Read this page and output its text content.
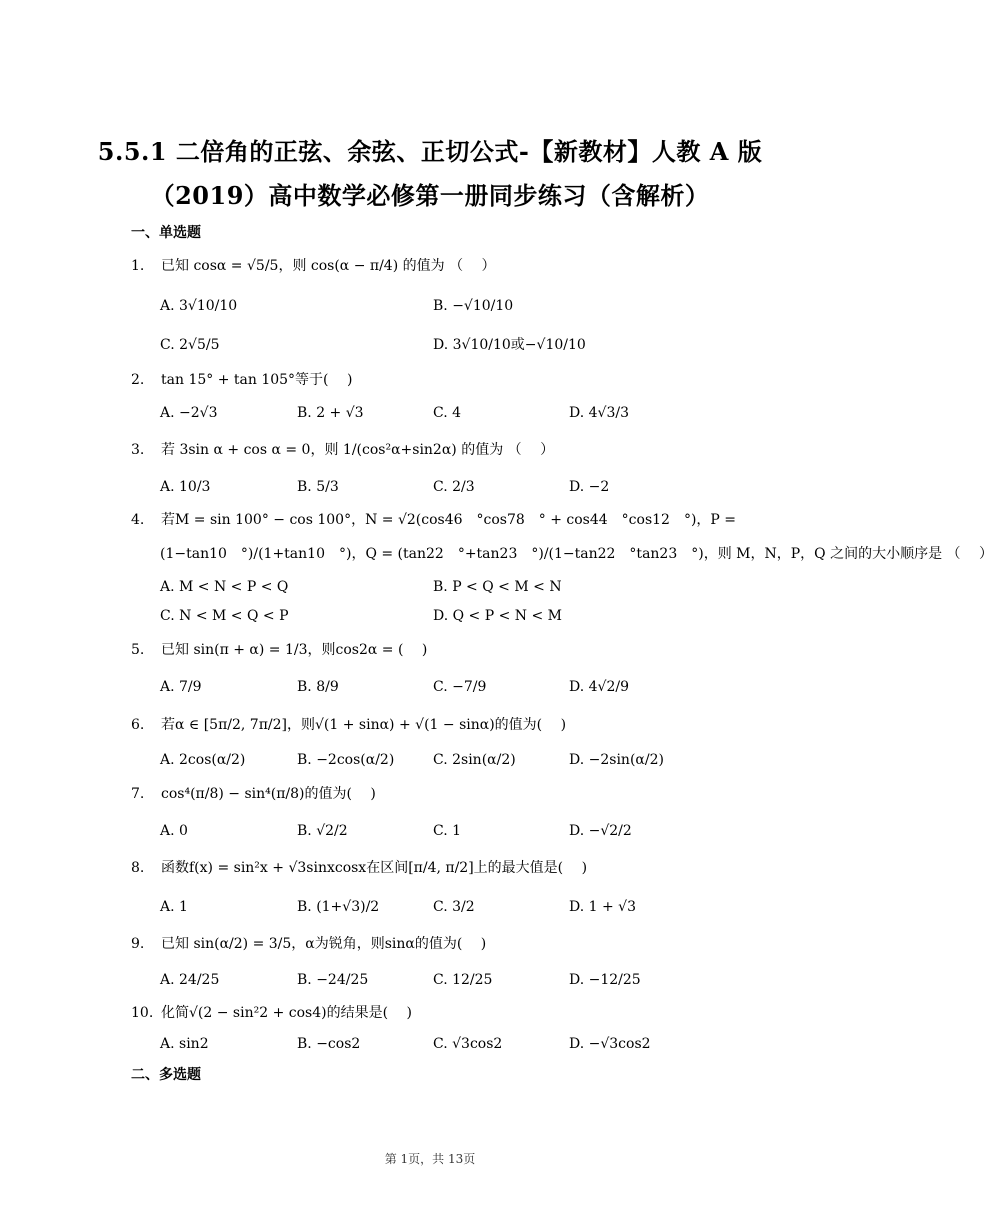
5.5.1 二倍角的正弦、余弦、正切公式-【新教材】人教 A 版
（2019）高中数学必修第一册同步练习（含解析）
一、单选题
1. 已知 cosα = √5/5，则 cos(α − π/4) 的值为 （　 ）
A. 3√10/10	B. −√10/10
C. 2√5/5	D. 3√10/10或−√10/10
2. tan 15° + tan 105°等于(　 )
A. −2√3	B. 2 + √3	C. 4	D. 4√3/3
3. 若 3sin α + cos α = 0，则 1/(cos²α+sin2α) 的值为 （　 ）
A. 10/3	B. 5/3	C. 2/3	D. −2
4. 若M = sin 100° − cos 100°，N = √2(cos46　°cos78　° + cos44　°cos12　°)，P =
(1−tan10　°)/(1+tan10　°)，Q = (tan22　°+tan23　°)/(1−tan22　°tan23　°)，则 M，N，P，Q 之间的大小顺序是 （　 ）
A. M < N < P < Q	B. P < Q < M < N
C. N < M < Q < P	D. Q < P < N < M
5. 已知 sin(π + α) = 1/3，则cos2α = (　 )
A. 7/9	B. 8/9	C. −7/9	D. 4√2/9
6. 若α ∈ [5π/2, 7π/2]，则√(1 + sinα) + √(1 − sinα)的值为(　 )
A. 2cos(α/2)	B. −2cos(α/2)	C. 2sin(α/2)	D. −2sin(α/2)
7. cos⁴(π/8) − sin⁴(π/8)的值为(　 )
A. 0	B. √2/2	C. 1	D. −√2/2
8. 函数f(x) = sin²x + √3sinxcosx在区间[π/4, π/2]上的最大值是(　 )
A. 1	B. (1+√3)/2	C. 3/2	D. 1 + √3
9. 已知 sin(α/2) = 3/5，α为锐角，则sinα的值为(　 )
A. 24/25	B. −24/25	C. 12/25	D. −12/25
10. 化简√(2 − sin²2 + cos4)的结果是(　 )
A. sin2	B. −cos2	C. √3cos2	D. −√3cos2
二、多选题
第 1页，共 13页
